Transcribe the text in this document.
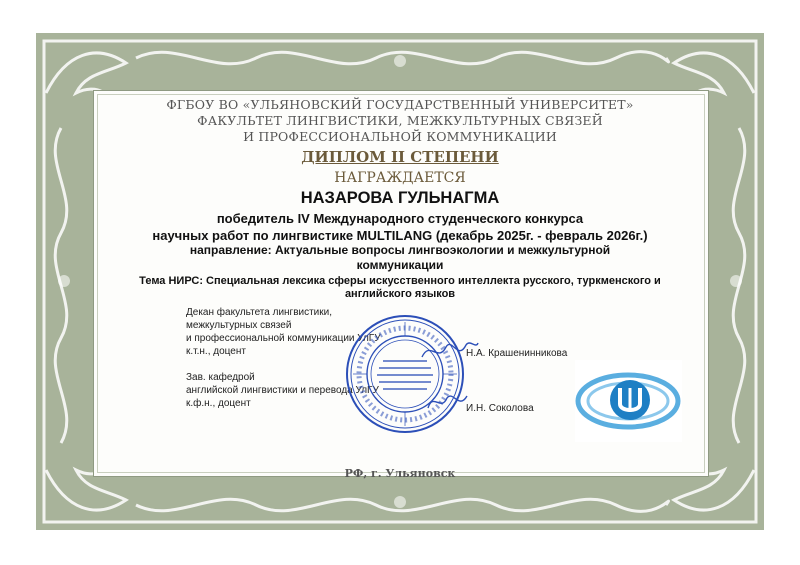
ФГБОУ ВО «УЛЬЯНОВСКИЙ ГОСУДАРСТВЕННЫЙ УНИВЕРСИТЕТ»
ФАКУЛЬТЕТ ЛИНГВИСТИКИ, МЕЖКУЛЬТУРНЫХ СВЯЗЕЙ
И ПРОФЕССИОНАЛЬНОЙ КОММУНИКАЦИИ
ДИПЛОМ II СТЕПЕНИ
НАГРАЖДАЕТСЯ
НАЗАРОВА ГУЛЬНАГМА
победитель IV Международного студенческого конкурса
научных работ по лингвистике MULTILANG (декабрь 2025г. - февраль 2026г.)
направление: Актуальные вопросы лингвоэкологии и межкультурной
коммуникации
Тема НИРС: Специальная лексика сферы искусственного интеллекта русского, туркменского и
английского языков
Декан факультета лингвистики,
межкультурных связей
и профессиональной коммуникации УлГУ
к.т.н., доцент	Н.А. Крашенинникова
Зав. кафедрой
английской лингвистики и перевода УлГУ
к.ф.н., доцент	И.Н. Соколова
РФ, г. Ульяновск
